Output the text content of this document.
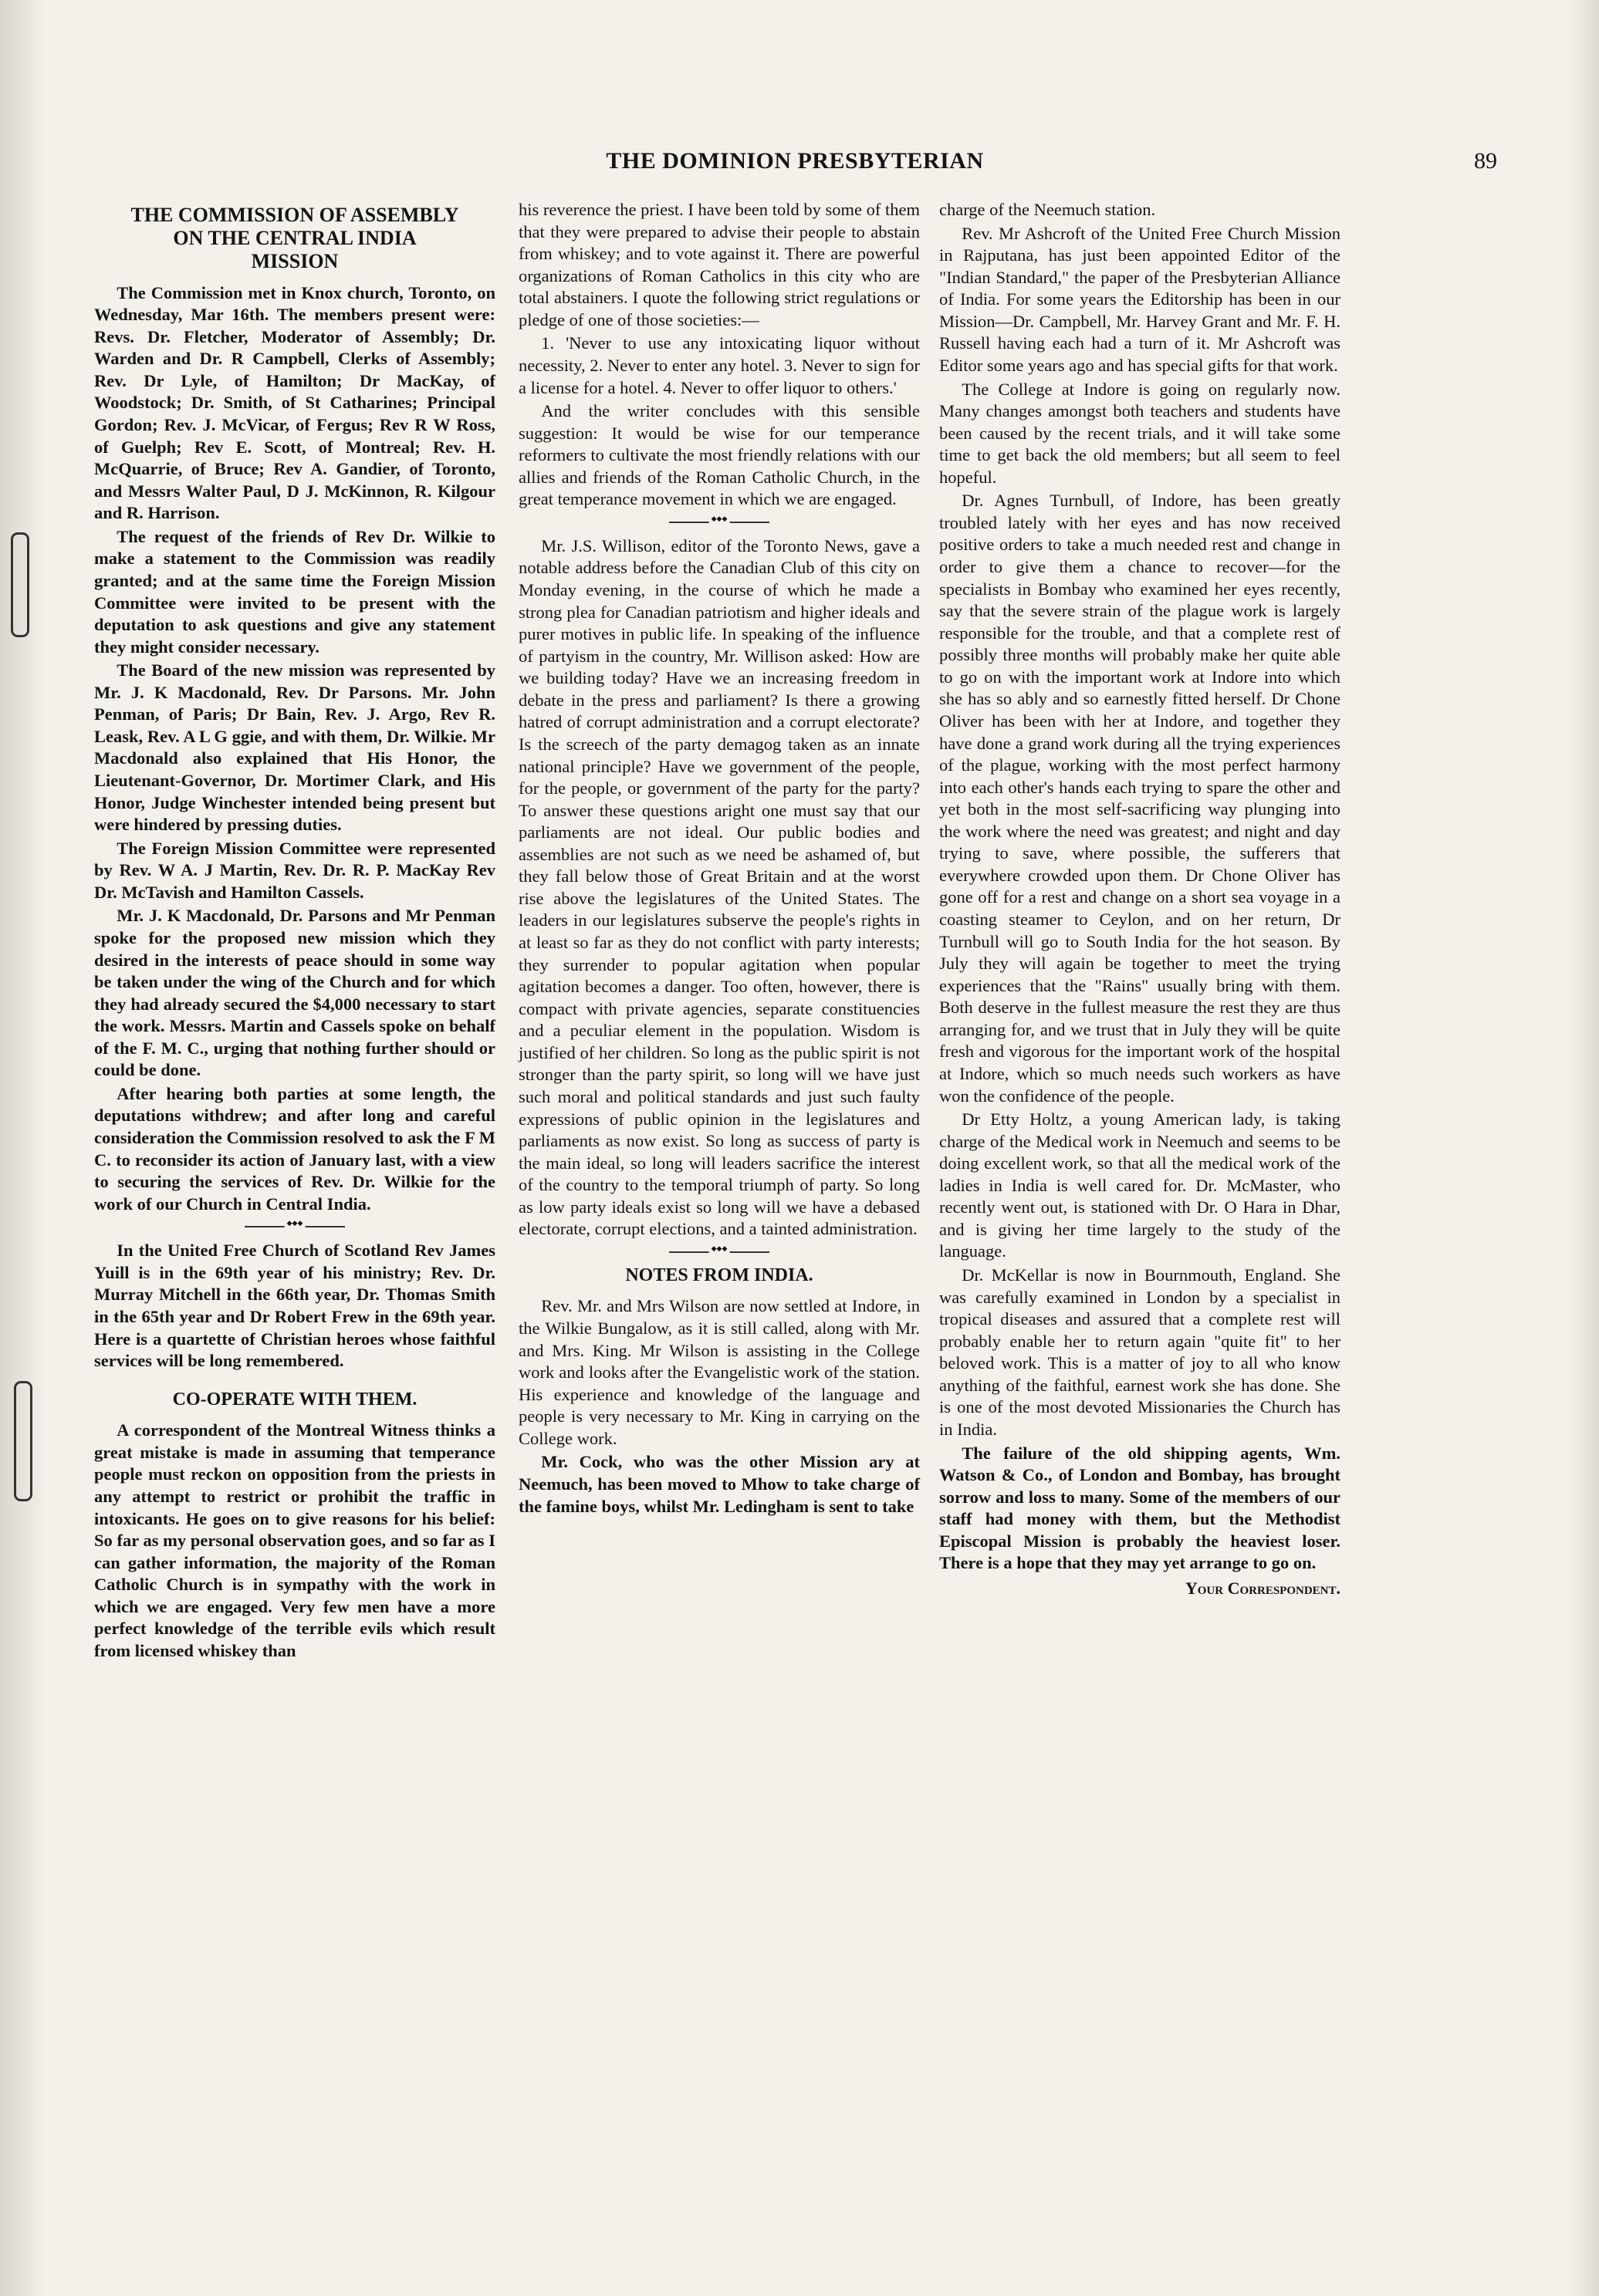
THE DOMINION PRESBYTERIAN	89
THE COMMISSION OF ASSEMBLY
ON THE CENTRAL INDIA
MISSION

The Commission met in Knox church, Toronto, on Wednesday, Mar 16th. The members present were: Revs. Dr. Fletcher, Moderator of Assembly; Dr. Warden and Dr. R Campbell, Clerks of Assembly; Rev. Dr Lyle, of Hamilton; Dr MacKay, of Woodstock; Dr. Smith, of St Catharines; Principal Gordon; Rev. J. McVicar, of Fergus; Rev R W Ross, of Guelph; Rev E. Scott, of Montreal; Rev. H. McQuarrie, of Bruce; Rev A. Gandier, of Toronto, and Messrs Walter Paul, D J. McKinnon, R. Kilgour and R. Harrison.

The request of the friends of Rev Dr. Wilkie to make a statement to the Commission was readily granted; and at the same time the Foreign Mission Committee were invited to be present with the deputation to ask questions and give any statement they might consider necessary.

The Board of the new mission was represented by Mr. J. K Macdonald, Rev. Dr Parsons. Mr. John Penman, of Paris; Dr Bain, Rev. J. Argo, Rev R. Leask, Rev. A L G ggie, and with them, Dr. Wilkie. Mr Macdonald also explained that His Honor, the Lieutenant-Governor, Dr. Mortimer Clark, and His Honor, Judge Winchester intended being present but were hindered by pressing duties.

The Foreign Mission Committee were represented by Rev. W A. J Martin, Rev. Dr. R. P. MacKay Rev Dr. McTavish and Hamilton Cassels.

Mr. J. K Macdonald, Dr. Parsons and Mr Penman spoke for the proposed new mission which they desired in the interests of peace should in some way be taken under the wing of the Church and for which they had already secured the $4,000 necessary to start the work. Messrs. Martin and Cassels spoke on behalf of the F. M. C., urging that nothing further should or could be done.

After hearing both parties at some length, the deputations withdrew; and after long and careful consideration the Commission resolved to ask the F M C. to reconsider its action of January last, with a view to securing the services of Rev. Dr. Wilkie for the work of our Church in Central India.

◆◆◆

In the United Free Church of Scotland Rev James Yuill is in the 69th year of his ministry; Rev. Dr. Murray Mitchell in the 66th year, Dr. Thomas Smith in the 65th year and Dr Robert Frew in the 69th year. Here is a quartette of Christian heroes whose faithful services will be long remembered.

CO-OPERATE WITH THEM.

A correspondent of the Montreal Witness thinks a great mistake is made in assuming that temperance people must reckon on opposition from the priests in any attempt to restrict or prohibit the traffic in intoxicants. He goes on to give reasons for his belief: So far as my personal observation goes, and so far as I can gather information, the majority of the Roman Catholic Church is in sympathy with the work in which we are engaged. Very few men have a more perfect knowledge of the terrible evils which result from licensed whiskey than

his reverence the priest. I have been told by some of them that they were prepared to advise their people to abstain from whiskey; and to vote against it. There are powerful organizations of Roman Catholics in this city who are total abstainers. I quote the following strict regulations or pledge of one of those societies:—

1. 'Never to use any intoxicating liquor without necessity, 2. Never to enter any hotel. 3. Never to sign for a license for a hotel. 4. Never to offer liquor to others.'

And the writer concludes with this sensible suggestion: It would be wise for our temperance reformers to cultivate the most friendly relations with our allies and friends of the Roman Catholic Church, in the great temperance movement in which we are engaged.

◆◆◆

Mr. J.S. Willison, editor of the Toronto News, gave a notable address before the Canadian Club of this city on Monday evening, in the course of which he made a strong plea for Canadian patriotism and higher ideals and purer motives in public life. In speaking of the influence of partyism in the country, Mr. Willison asked: How are we building today? Have we an increasing freedom in debate in the press and parliament? Is there a growing hatred of corrupt administration and a corrupt electorate? Is the screech of the party demagog taken as an innate national principle? Have we government of the people, for the people, or government of the party for the party? To answer these questions aright one must say that our parliaments are not ideal. Our public bodies and assemblies are not such as we need be ashamed of, but they fall below those of Great Britain and at the worst rise above the legislatures of the United States. The leaders in our legislatures subserve the people's rights in at least so far as they do not conflict with party interests; they surrender to popular agitation when popular agitation becomes a danger. Too often, however, there is compact with private agencies, separate constituencies and a peculiar element in the population. Wisdom is justified of her children. So long as the public spirit is not stronger than the party spirit, so long will we have just such moral and political standards and just such faulty expressions of public opinion in the legislatures and parliaments as now exist. So long as success of party is the main ideal, so long will leaders sacrifice the interest of the country to the temporal triumph of party. So long as low party ideals exist so long will we have a debased electorate, corrupt elections, and a tainted administration.

◆◆◆
NOTES FROM INDIA.

Rev. Mr. and Mrs Wilson are now settled at Indore, in the Wilkie Bungalow, as it is still called, along with Mr. and Mrs. King. Mr Wilson is assisting in the College work and looks after the Evangelistic work of the station. His experience and knowledge of the language and people is very necessary to Mr. King in carrying on the College work.

Mr. Cock, who was the other Mission ary at Neemuch, has been moved to Mhow to take charge of the famine boys, whilst Mr. Ledingham is sent to take

charge of the Neemuch station.

Rev. Mr Ashcroft of the United Free Church Mission in Rajputana, has just been appointed Editor of the "Indian Standard," the paper of the Presbyterian Alliance of India. For some years the Editorship has been in our Mission—Dr. Campbell, Mr. Harvey Grant and Mr. F. H. Russell having each had a turn of it. Mr Ashcroft was Editor some years ago and has special gifts for that work.

The College at Indore is going on regularly now. Many changes amongst both teachers and students have been caused by the recent trials, and it will take some time to get back the old members; but all seem to feel hopeful.

Dr. Agnes Turnbull, of Indore, has been greatly troubled lately with her eyes and has now received positive orders to take a much needed rest and change in order to give them a chance to recover—for the specialists in Bombay who examined her eyes recently, say that the severe strain of the plague work is largely responsible for the trouble, and that a complete rest of possibly three months will probably make her quite able to go on with the important work at Indore into which she has so ably and so earnestly fitted herself. Dr Chone Oliver has been with her at Indore, and together they have done a grand work during all the trying experiences of the plague, working with the most perfect harmony into each other's hands each trying to spare the other and yet both in the most self-sacrificing way plunging into the work where the need was greatest; and night and day trying to save, where possible, the sufferers that everywhere crowded upon them. Dr Chone Oliver has gone off for a rest and change on a short sea voyage in a coasting steamer to Ceylon, and on her return, Dr Turnbull will go to South India for the hot season. By July they will again be together to meet the trying experiences that the "Rains" usually bring with them. Both deserve in the fullest measure the rest they are thus arranging for, and we trust that in July they will be quite fresh and vigorous for the important work of the hospital at Indore, which so much needs such workers as have won the confidence of the people.

Dr Etty Holtz, a young American lady, is taking charge of the Medical work in Neemuch and seems to be doing excellent work, so that all the medical work of the ladies in India is well cared for. Dr. McMaster, who recently went out, is stationed with Dr. O Hara in Dhar, and is giving her time largely to the study of the language.

Dr. McKellar is now in Bournmouth, England. She was carefully examined in London by a specialist in tropical diseases and assured that a complete rest will probably enable her to return again "quite fit" to her beloved work. This is a matter of joy to all who know anything of the faithful, earnest work she has done. She is one of the most devoted Missionaries the Church has in India.

The failure of the old shipping agents, Wm. Watson & Co., of London and Bombay, has brought sorrow and loss to many. Some of the members of our staff had money with them, but the Methodist Episcopal Mission is probably the heaviest loser. There is a hope that they may yet arrange to go on.

Your Correspondent.
